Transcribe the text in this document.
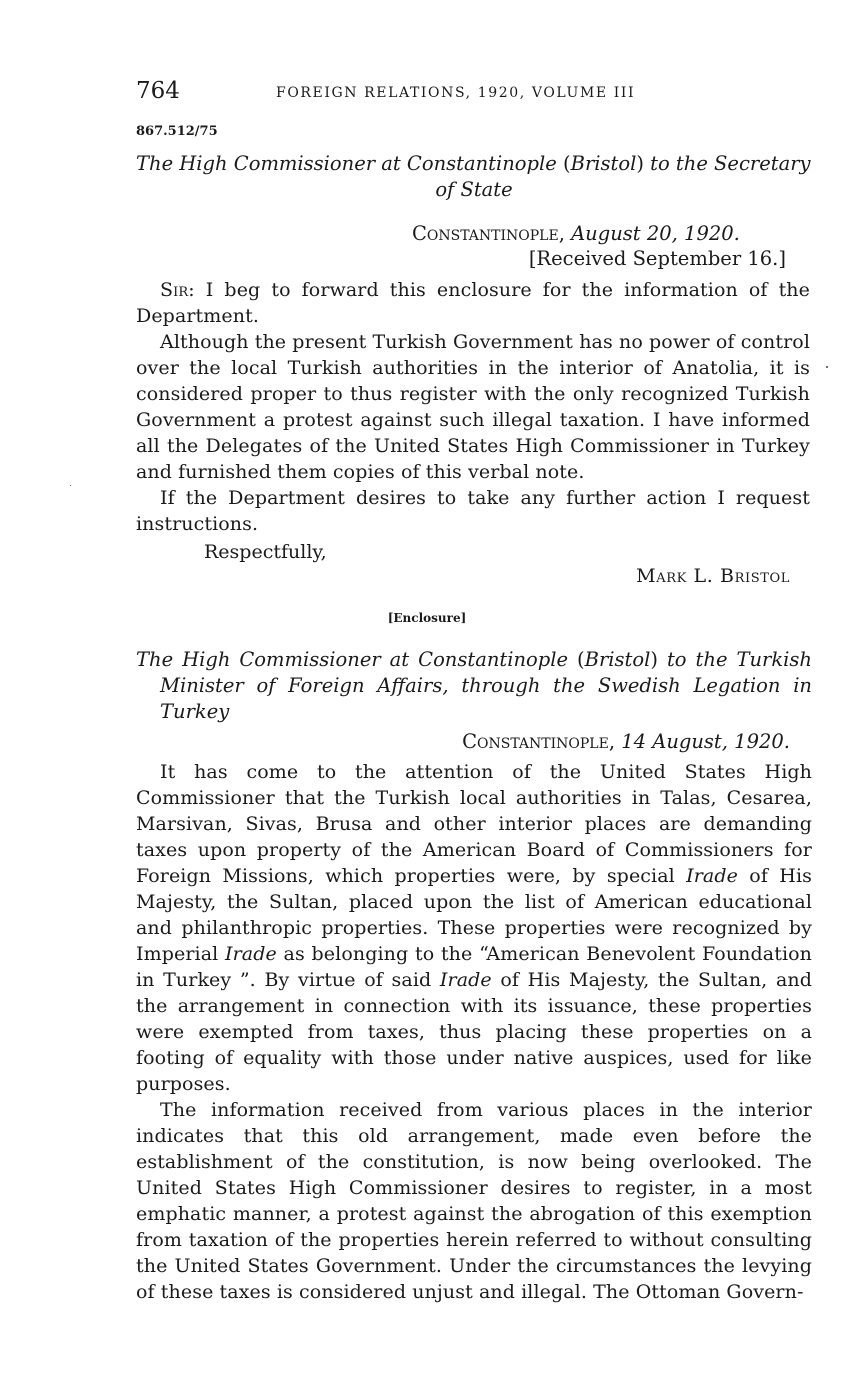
764	FOREIGN RELATIONS, 1920, VOLUME III
867.512/75
The High Commissioner at Constantinople (Bristol) to the Secretary
of State
Constantinople, August 20, 1920.
[Received September 16.]

Sir: I beg to forward this enclosure for the information of the Department.

Although the present Turkish Government has no power of control over the local Turkish authorities in the interior of Anatolia, it is considered proper to thus register with the only recognized Turkish Government a protest against such illegal taxation. I have informed all the Delegates of the United States High Commissioner in Turkey and furnished them copies of this verbal note.

If the Department desires to take any further action I request instructions.

Respectfully,
Mark L. Bristol
[Enclosure]
The High Commissioner at Constantinople (Bristol) to the Turkish Minister of Foreign Affairs, through the Swedish Legation in Turkey
Constantinople, 14 August, 1920.

It has come to the attention of the United States High Commissioner that the Turkish local authorities in Talas, Cesarea, Marsivan, Sivas, Brusa and other interior places are demanding taxes upon property of the American Board of Commissioners for Foreign Missions, which properties were, by special Irade of His Majesty, the Sultan, placed upon the list of American educational and philanthropic properties. These properties were recognized by Imperial Irade as belonging to the “American Benevolent Foundation in Turkey ”. By virtue of said Irade of His Majesty, the Sultan, and the arrangement in connection with its issuance, these properties were exempted from taxes, thus placing these properties on a footing of equality with those under native auspices, used for like purposes.

The information received from various places in the interior indicates that this old arrangement, made even before the establishment of the constitution, is now being overlooked. The United States High Commissioner desires to register, in a most emphatic manner, a protest against the abrogation of this exemption from taxation of the properties herein referred to without consulting the United States Government. Under the circumstances the levying of these taxes is considered unjust and illegal. The Ottoman Govern-
